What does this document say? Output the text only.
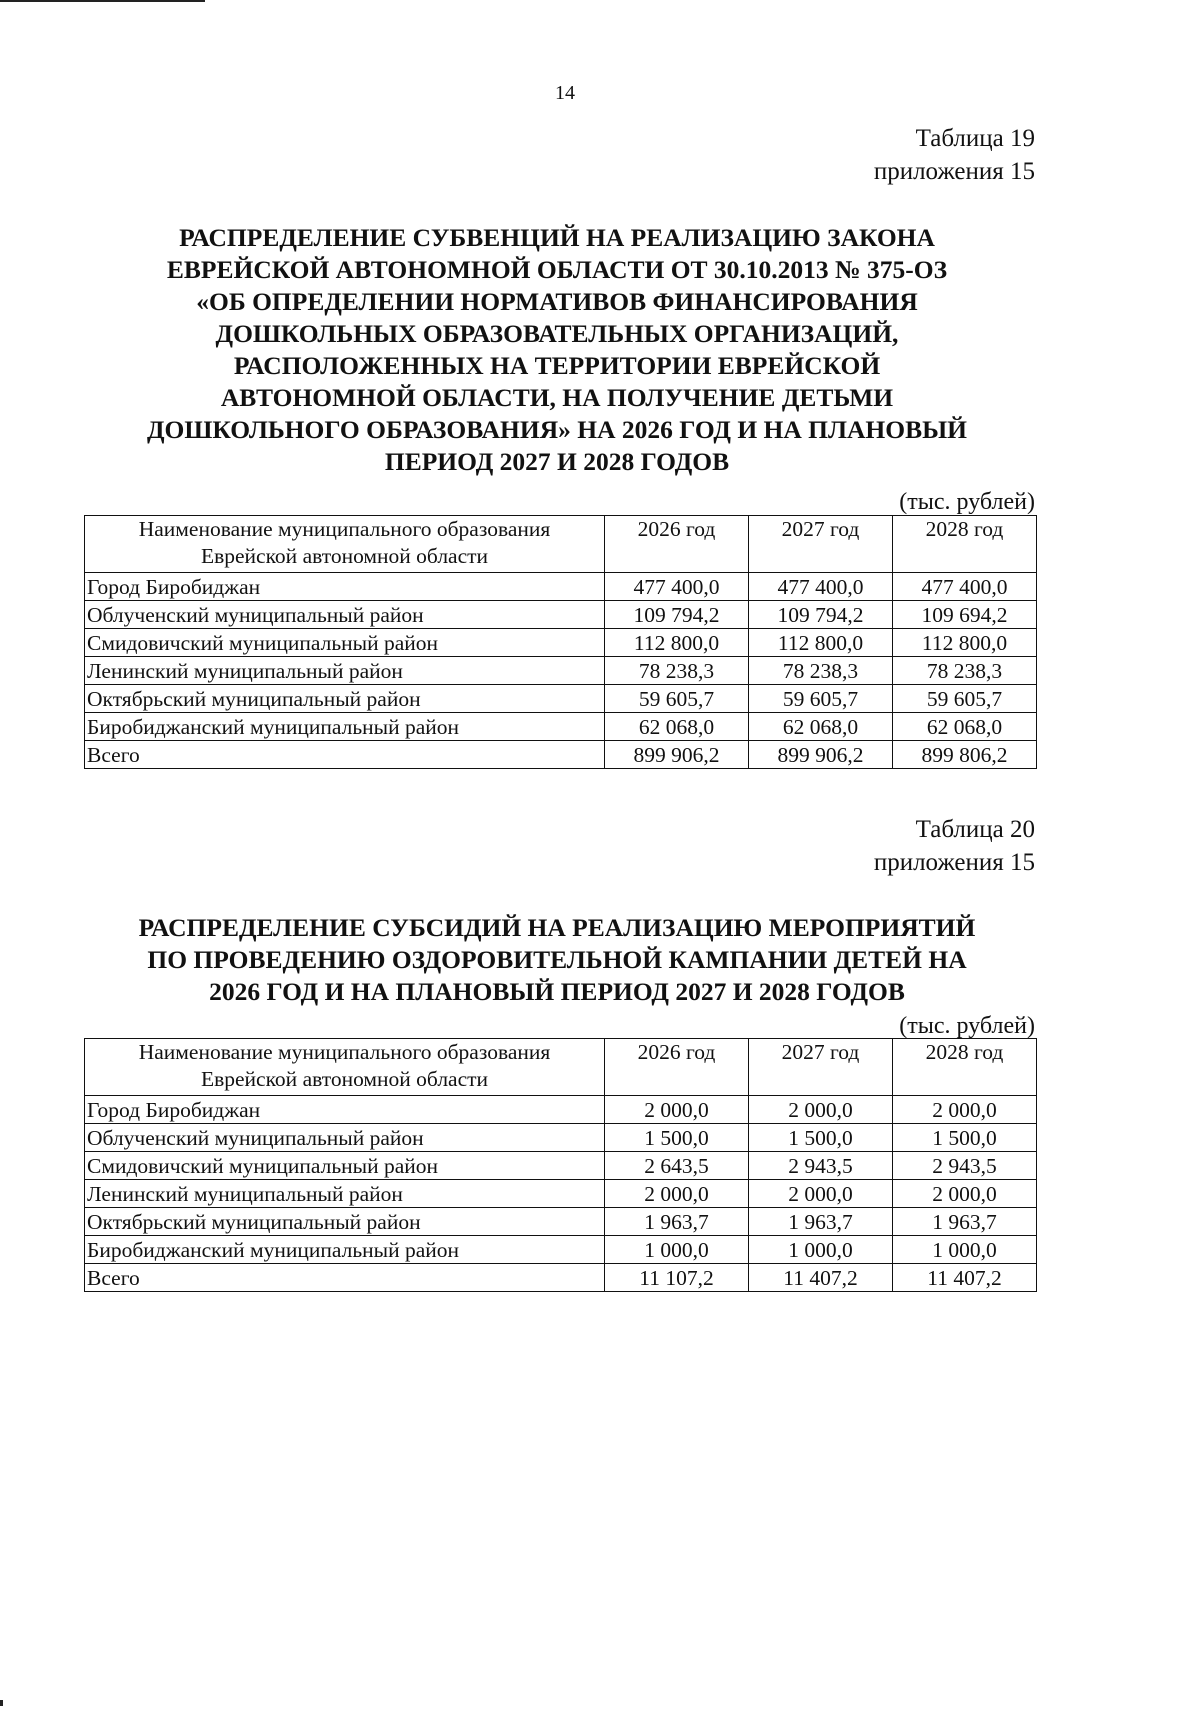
14
Таблица 19
приложения 15
РАСПРЕДЕЛЕНИЕ СУБВЕНЦИЙ НА РЕАЛИЗАЦИЮ ЗАКОНА
ЕВРЕЙСКОЙ АВТОНОМНОЙ ОБЛАСТИ ОТ 30.10.2013 № 375-ОЗ
«ОБ ОПРЕДЕЛЕНИИ НОРМАТИВОВ ФИНАНСИРОВАНИЯ
ДОШКОЛЬНЫХ ОБРАЗОВАТЕЛЬНЫХ ОРГАНИЗАЦИЙ,
РАСПОЛОЖЕННЫХ НА ТЕРРИТОРИИ ЕВРЕЙСКОЙ
АВТОНОМНОЙ ОБЛАСТИ, НА ПОЛУЧЕНИЕ ДЕТЬМИ
ДОШКОЛЬНОГО ОБРАЗОВАНИЯ» НА 2026 ГОД И НА ПЛАНОВЫЙ
ПЕРИОД 2027 И 2028 ГОДОВ
(тыс. рублей)
Наименование муниципального образования
Еврейской автономной области	2026 год	2027 год	2028 год
Город Биробиджан	477 400,0	477 400,0	477 400,0
Облученский муниципальный район	109 794,2	109 794,2	109 694,2
Смидовичский муниципальный район	112 800,0	112 800,0	112 800,0
Ленинский муниципальный район	78 238,3	78 238,3	78 238,3
Октябрьский муниципальный район	59 605,7	59 605,7	59 605,7
Биробиджанский муниципальный район	62 068,0	62 068,0	62 068,0
Всего	899 906,2	899 906,2	899 806,2
Таблица 20
приложения 15
РАСПРЕДЕЛЕНИЕ СУБСИДИЙ НА РЕАЛИЗАЦИЮ МЕРОПРИЯТИЙ
ПО ПРОВЕДЕНИЮ ОЗДОРОВИТЕЛЬНОЙ КАМПАНИИ ДЕТЕЙ НА
2026 ГОД И НА ПЛАНОВЫЙ ПЕРИОД 2027 И 2028 ГОДОВ
(тыс. рублей)
Наименование муниципального образования
Еврейской автономной области	2026 год	2027 год	2028 год
Город Биробиджан	2 000,0	2 000,0	2 000,0
Облученский муниципальный район	1 500,0	1 500,0	1 500,0
Смидовичский муниципальный район	2 643,5	2 943,5	2 943,5
Ленинский муниципальный район	2 000,0	2 000,0	2 000,0
Октябрьский муниципальный район	1 963,7	1 963,7	1 963,7
Биробиджанский муниципальный район	1 000,0	1 000,0	1 000,0
Всего	11 107,2	11 407,2	11 407,2
